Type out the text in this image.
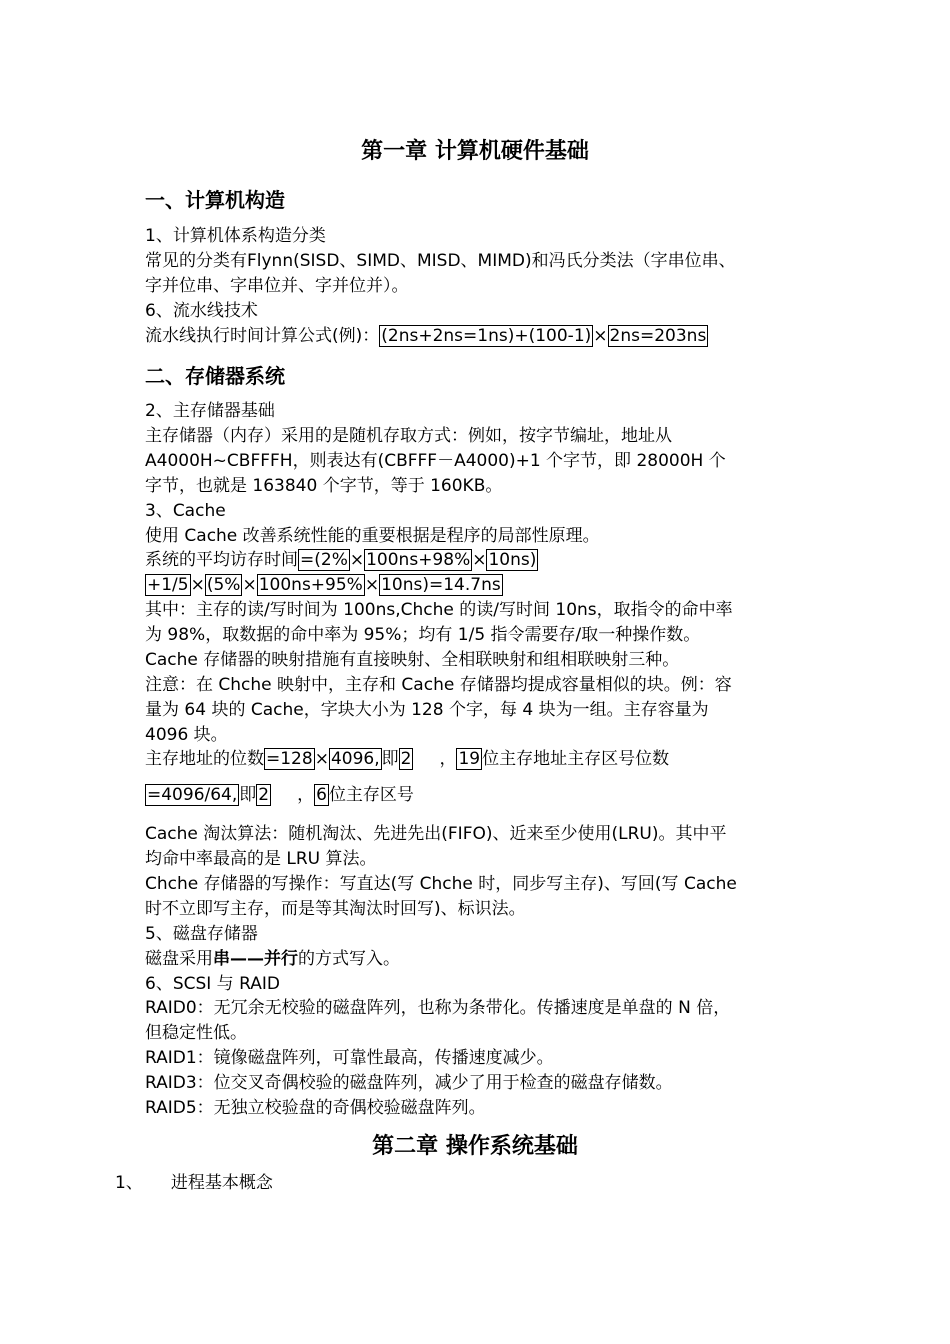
第一章 计算机硬件基础
一、计算机构造
1、计算机体系构造分类
常见的分类有Flynn(SISD、SIMD、MISD、MIMD)和冯氏分类法（字串位串、
字并位串、字串位并、字并位并）。
6、流水线技术
流水线执行时间计算公式(例)： (2ns+2ns=1ns)+(100-1) × 2ns=203ns
二、存储器系统
2、主存储器基础
主存储器（内存）采用的是随机存取方式：例如，按字节编址，地址从
A4000H~CBFFFH，则表达有(CBFFF－A4000)+1 个字节，即 28000H 个
字节，也就是 163840 个字节，等于 160KB。
3、Cache
使用 Cache 改善系统性能的重要根据是程序的局部性原理。
系统的平均访存时间 =(2% × 100ns+98% × 10ns)
+1/5 × (5% × 100ns+95% × 10ns)=14.7ns
其中：主存的读/写时间为 100ns,Chche 的读/写时间 10ns，取指令的命中率
为 98%，取数据的命中率为 95%；均有 1/5 指令需要存/取一种操作数。
Cache 存储器的映射措施有直接映射、全相联映射和组相联映射三种。
注意：在 Chche 映射中，主存和 Cache 存储器均提成容量相似的块。例：容
量为 64 块的 Cache，字块大小为 128 个字，每 4 块为一组。主存容量为
4096 块。
主存地址的位数 =128 × 4096, 即 2 ， 19 位主存地址主存区号位数
=4096/64, 即 2 ， 6 位主存区号
Cache 淘汰算法：随机淘汰、先进先出(FIFO)、近来至少使用(LRU)。其中平
均命中率最高的是 LRU 算法。
Chche 存储器的写操作：写直达(写 Chche 时，同步写主存)、写回(写 Cache
时不立即写主存，而是等其淘汰时回写)、标识法。
5、磁盘存储器
磁盘采用串——并行的方式写入。
6、SCSI 与 RAID
RAID0：无冗余无校验的磁盘阵列，也称为条带化。传播速度是单盘的 N 倍，
但稳定性低。
RAID1：镜像磁盘阵列，可靠性最高，传播速度减少。
RAID3：位交叉奇偶校验的磁盘阵列，减少了用于检查的磁盘存储数。
RAID5：无独立校验盘的奇偶校验磁盘阵列。
第二章 操作系统基础
1、 进程基本概念
